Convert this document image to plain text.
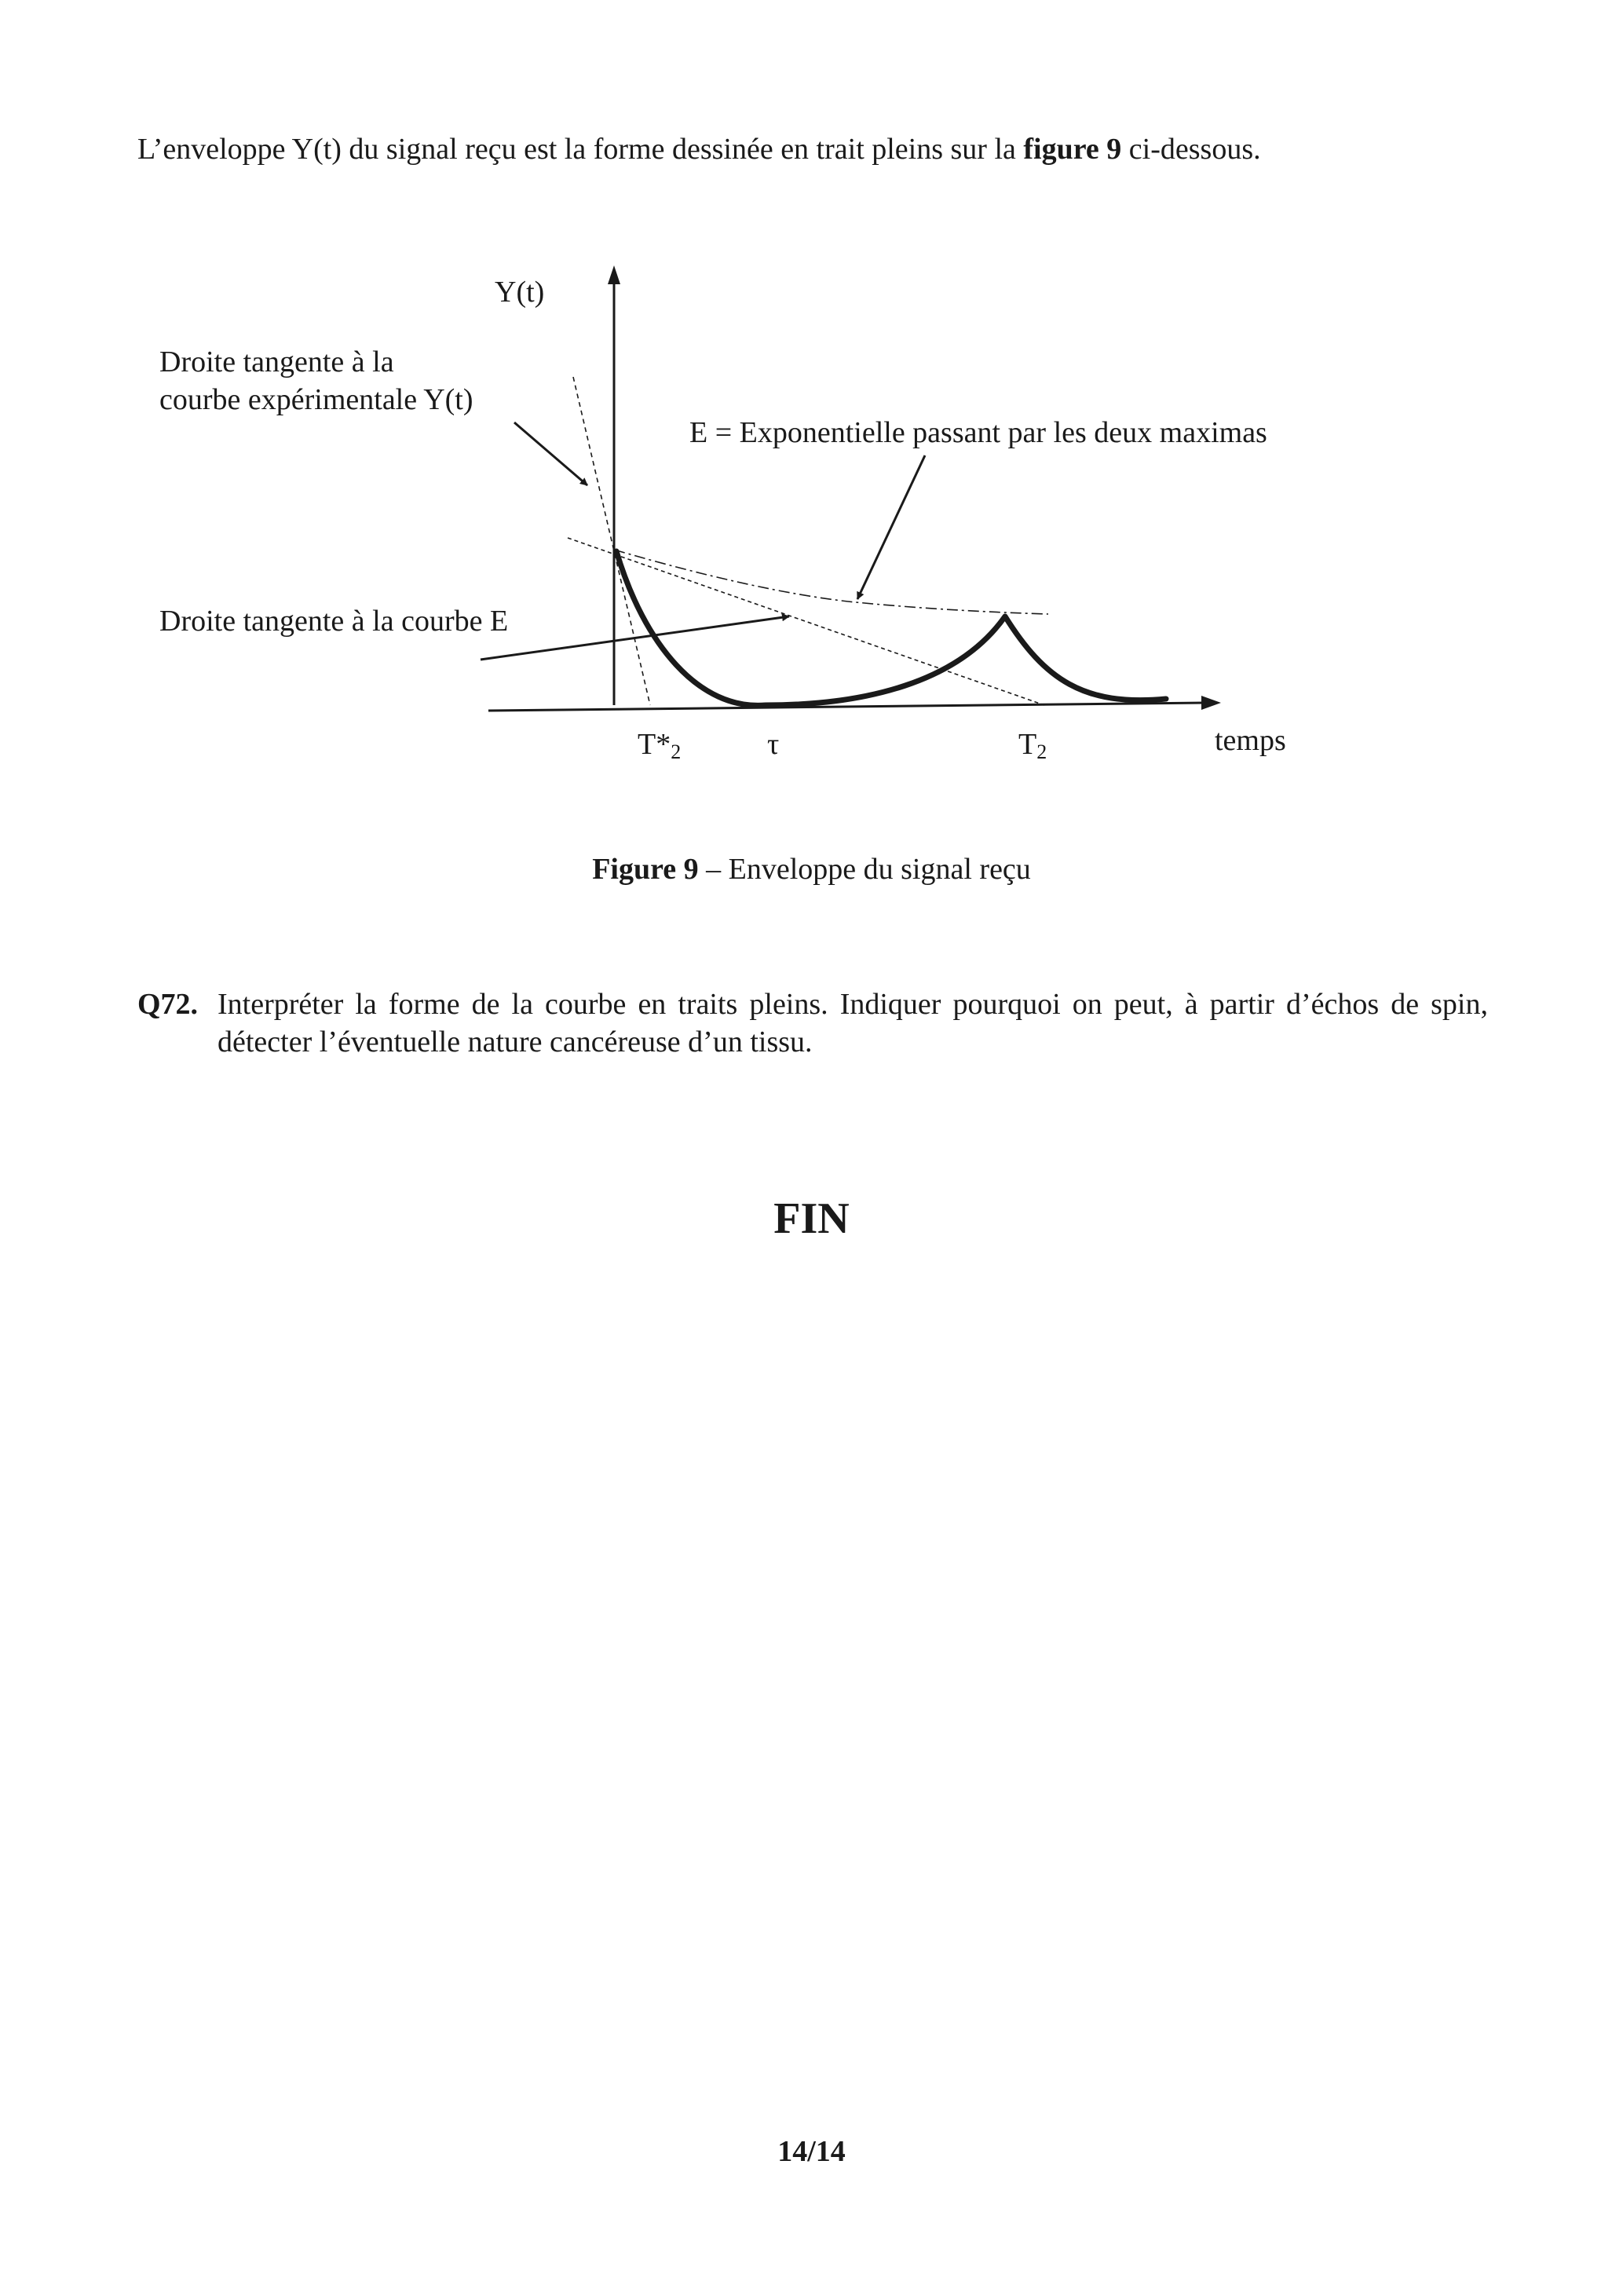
L’enveloppe Y(t) du signal reçu est la forme dessinée en trait pleins sur la figure 9 ci-dessous.
Y(t)
Droite tangente à la
courbe expérimentale Y(t)
E = Exponentielle passant par les deux maximas
Droite tangente à la courbe E
temps
T*2	τ	T2
Figure 9 – Enveloppe du signal reçu
Q72. Interpréter la forme de la courbe en traits pleins. Indiquer pourquoi on peut, à partir d’échos de spin, détecter l’éventuelle nature cancéreuse d’un tissu.
FIN
14/14
